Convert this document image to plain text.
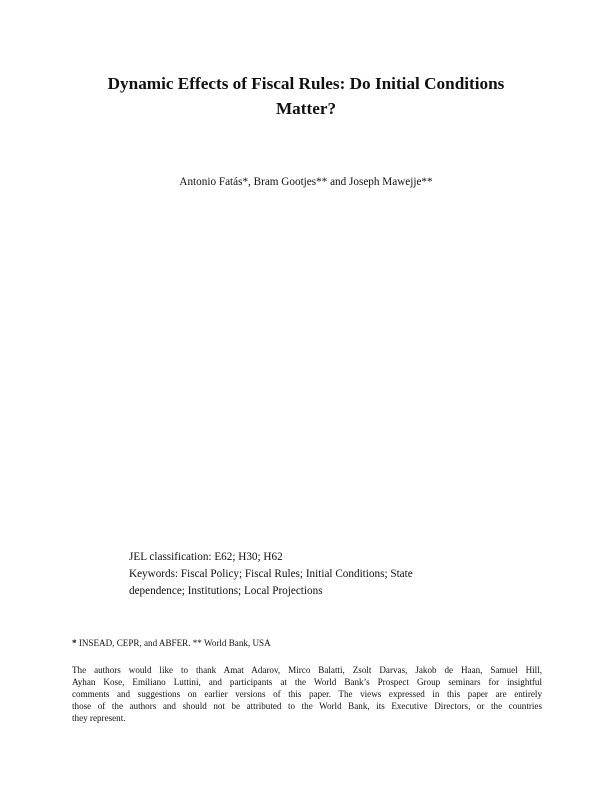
Dynamic Effects of Fiscal Rules: Do Initial Conditions
Matter?
Antonio Fatás*, Bram Gootjes** and Joseph Mawejje**
JEL classification: E62; H30; H62
Keywords: Fiscal Policy; Fiscal Rules; Initial Conditions; State
dependence; Institutions; Local Projections
* INSEAD, CEPR, and ABFER. ** World Bank, USA
The authors would like to thank Amat Adarov, Mirco Balatti, Zsolt Darvas, Jakob de Haan, Samuel Hill,
Ayhan Kose, Emiliano Luttini, and participants at the World Bank’s Prospect Group seminars for insightful
comments and suggestions on earlier versions of this paper. The views expressed in this paper are entirely
those of the authors and should not be attributed to the World Bank, its Executive Directors, or the countries
they represent.
